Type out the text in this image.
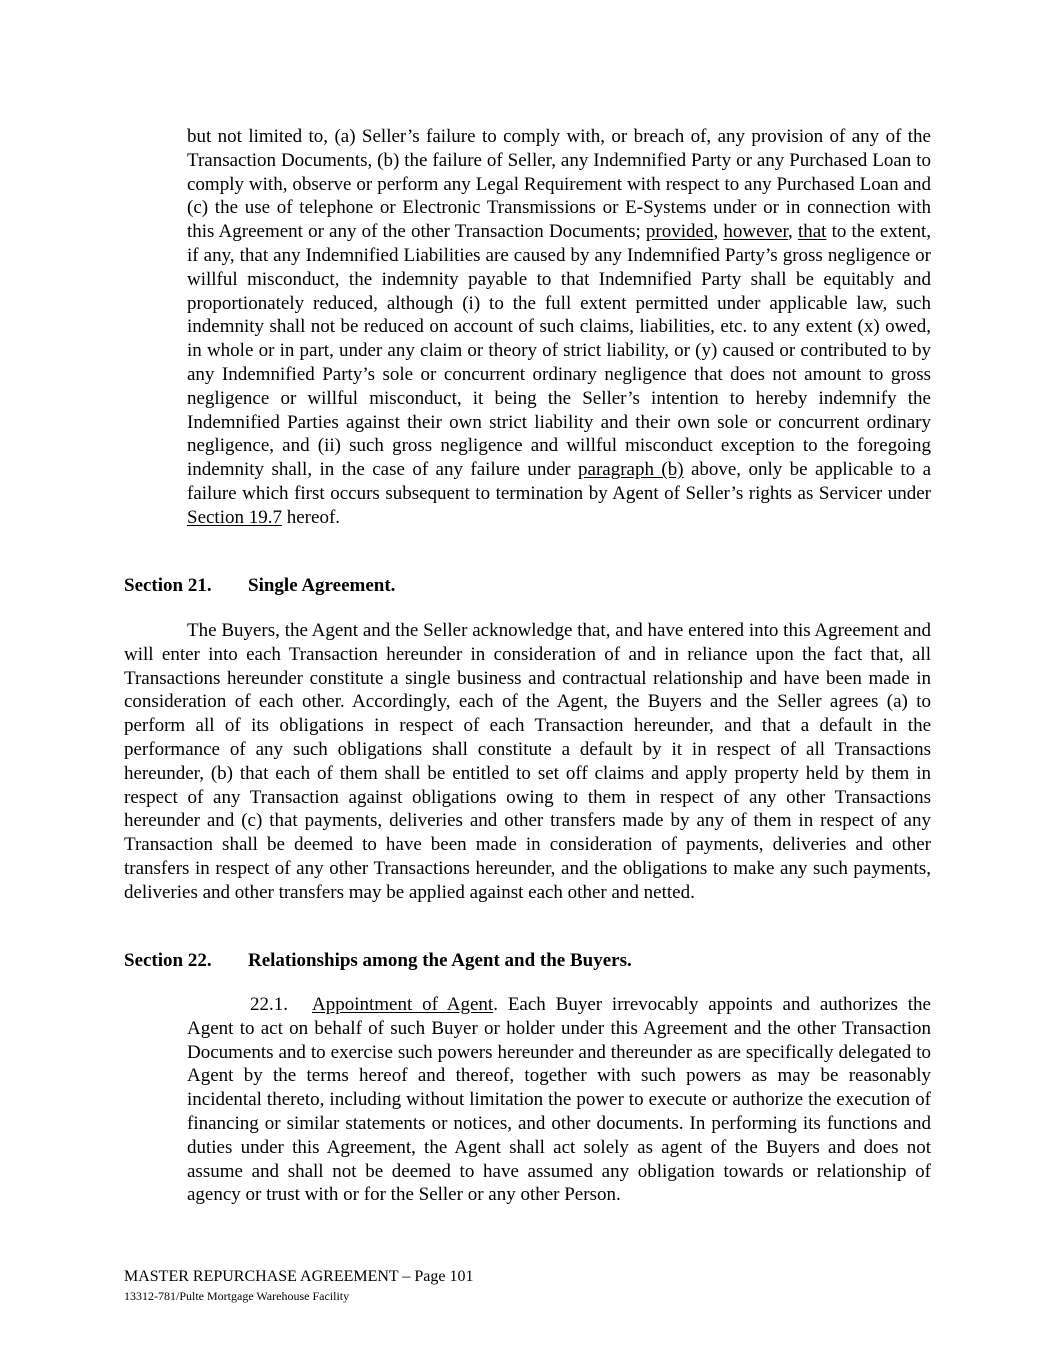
but not limited to, (a) Seller’s failure to comply with, or breach of, any provision of any of the Transaction Documents, (b) the failure of Seller, any Indemnified Party or any Purchased Loan to comply with, observe or perform any Legal Requirement with respect to any Purchased Loan and (c) the use of telephone or Electronic Transmissions or E-Systems under or in connection with this Agreement or any of the other Transaction Documents; provided, however, that to the extent, if any, that any Indemnified Liabilities are caused by any Indemnified Party’s gross negligence or willful misconduct, the indemnity payable to that Indemnified Party shall be equitably and proportionately reduced, although (i) to the full extent permitted under applicable law, such indemnity shall not be reduced on account of such claims, liabilities, etc. to any extent (x) owed, in whole or in part, under any claim or theory of strict liability, or (y) caused or contributed to by any Indemnified Party’s sole or concurrent ordinary negligence that does not amount to gross negligence or willful misconduct, it being the Seller’s intention to hereby indemnify the Indemnified Parties against their own strict liability and their own sole or concurrent ordinary negligence, and (ii) such gross negligence and willful misconduct exception to the foregoing indemnity shall, in the case of any failure under paragraph (b) above, only be applicable to a failure which first occurs subsequent to termination by Agent of Seller’s rights as Servicer under Section 19.7 hereof.

Section 21. Single Agreement.

The Buyers, the Agent and the Seller acknowledge that, and have entered into this Agreement and will enter into each Transaction hereunder in consideration of and in reliance upon the fact that, all Transactions hereunder constitute a single business and contractual relationship and have been made in consideration of each other. Accordingly, each of the Agent, the Buyers and the Seller agrees (a) to perform all of its obligations in respect of each Transaction hereunder, and that a default in the performance of any such obligations shall constitute a default by it in respect of all Transactions hereunder, (b) that each of them shall be entitled to set off claims and apply property held by them in respect of any Transaction against obligations owing to them in respect of any other Transactions hereunder and (c) that payments, deliveries and other transfers made by any of them in respect of any Transaction shall be deemed to have been made in consideration of payments, deliveries and other transfers in respect of any other Transactions hereunder, and the obligations to make any such payments, deliveries and other transfers may be applied against each other and netted.

Section 22. Relationships among the Agent and the Buyers.

22.1. Appointment of Agent. Each Buyer irrevocably appoints and authorizes the Agent to act on behalf of such Buyer or holder under this Agreement and the other Transaction Documents and to exercise such powers hereunder and thereunder as are specifically delegated to Agent by the terms hereof and thereof, together with such powers as may be reasonably incidental thereto, including without limitation the power to execute or authorize the execution of financing or similar statements or notices, and other documents. In performing its functions and duties under this Agreement, the Agent shall act solely as agent of the Buyers and does not assume and shall not be deemed to have assumed any obligation towards or relationship of agency or trust with or for the Seller or any other Person.

MASTER REPURCHASE AGREEMENT – Page 101
13312-781/Pulte Mortgage Warehouse Facility
